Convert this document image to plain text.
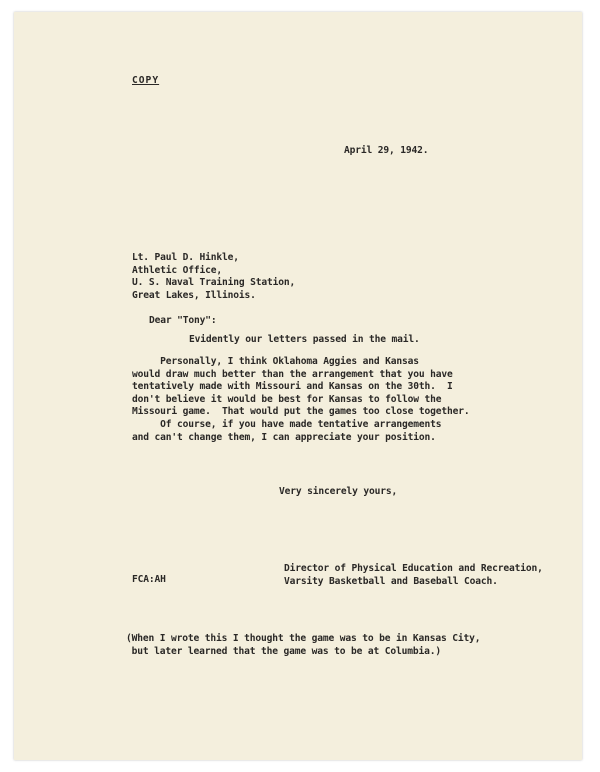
COPY
April 29, 1942.
Lt. Paul D. Hinkle,
Athletic Office,
U. S. Naval Training Station,
Great Lakes, Illinois.
Dear "Tony":
Evidently our letters passed in the mail.
Personally, I think Oklahoma Aggies and Kansas
would draw much better than the arrangement that you have
tentatively made with Missouri and Kansas on the 30th.  I
don't believe it would be best for Kansas to follow the
Missouri game.  That would put the games too close together.
Of course, if you have made tentative arrangements
and can't change them, I can appreciate your position.
Very sincerely yours,
Director of Physical Education and Recreation,
Varsity Basketball and Baseball Coach.
FCA:AH
(When I wrote this I thought the game was to be in Kansas City,
but later learned that the game was to be at Columbia.)
